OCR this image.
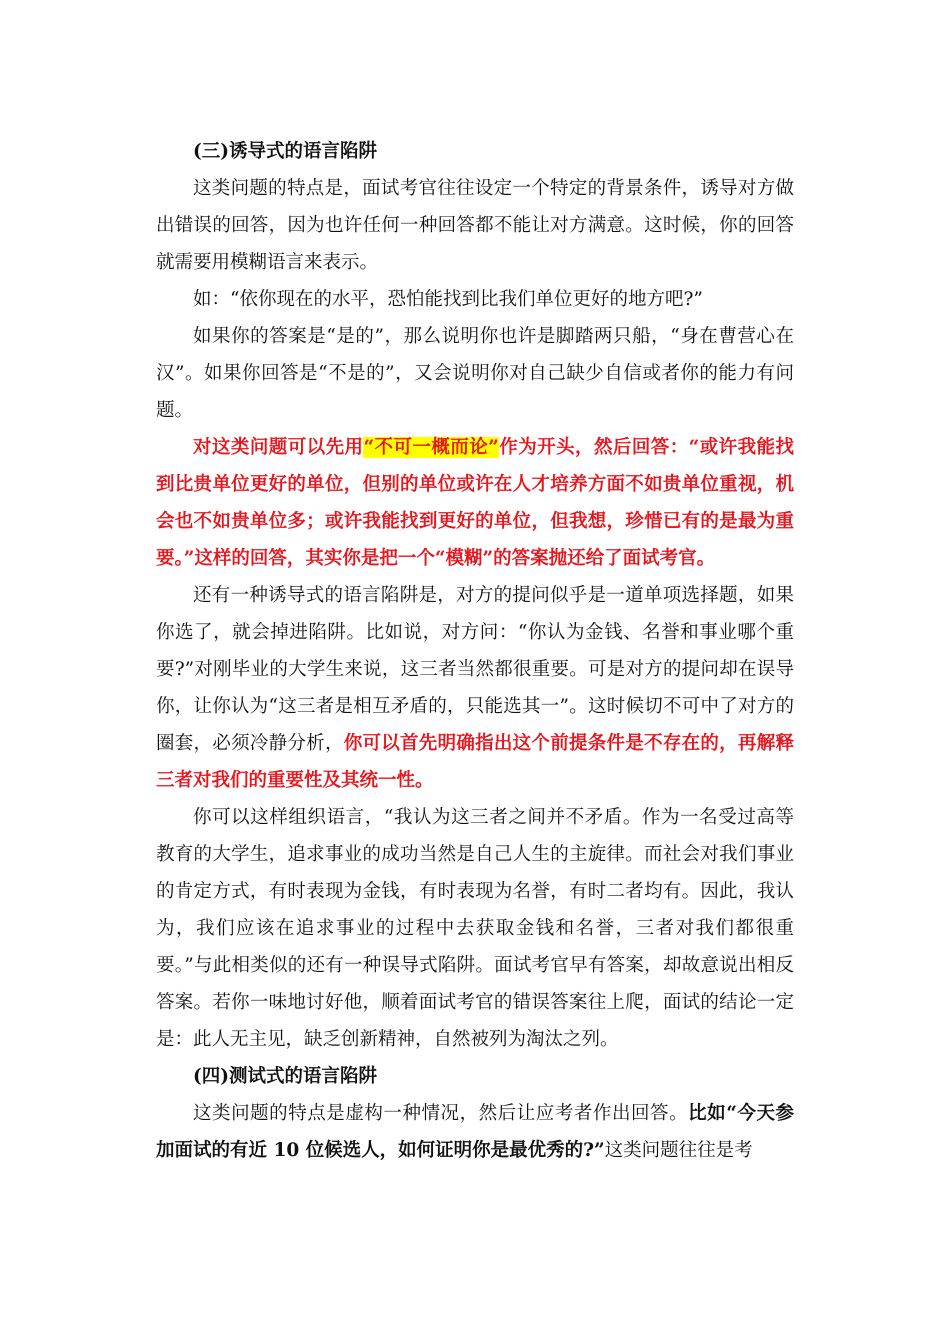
(三)诱导式的语言陷阱

这类问题的特点是，面试考官往往设定一个特定的背景条件，诱导对方做出错误的回答，因为也许任何一种回答都不能让对方满意。这时候，你的回答就需要用模糊语言来表示。

如：“依你现在的水平，恐怕能找到比我们单位更好的地方吧?”

如果你的答案是“是的”，那么说明你也许是脚踏两只船，“身在曹营心在汉”。如果你回答是“不是的”，又会说明你对自己缺少自信或者你的能力有问题。

对这类问题可以先用“不可一概而论”作为开头，然后回答：“或许我能找到比贵单位更好的单位，但别的单位或许在人才培养方面不如贵单位重视，机会也不如贵单位多；或许我能找到更好的单位，但我想，珍惜已有的是最为重要。”这样的回答，其实你是把一个“模糊”的答案抛还给了面试考官。

还有一种诱导式的语言陷阱是，对方的提问似乎是一道单项选择题，如果你选了，就会掉进陷阱。比如说，对方问：“你认为金钱、名誉和事业哪个重要?”对刚毕业的大学生来说，这三者当然都很重要。可是对方的提问却在误导你，让你认为“这三者是相互矛盾的，只能选其一”。这时候切不可中了对方的圈套，必须冷静分析，你可以首先明确指出这个前提条件是不存在的，再解释三者对我们的重要性及其统一性。

你可以这样组织语言，“我认为这三者之间并不矛盾。作为一名受过高等教育的大学生，追求事业的成功当然是自己人生的主旋律。而社会对我们事业的肯定方式，有时表现为金钱，有时表现为名誉，有时二者均有。因此，我认为，我们应该在追求事业的过程中去获取金钱和名誉，三者对我们都很重要。”与此相类似的还有一种误导式陷阱。面试考官早有答案，却故意说出相反答案。若你一味地讨好他，顺着面试考官的错误答案往上爬，面试的结论一定是：此人无主见，缺乏创新精神，自然被列为淘汰之列。

(四)测试式的语言陷阱

这类问题的特点是虚构一种情况，然后让应考者作出回答。比如“今天参加面试的有近 10 位候选人，如何证明你是最优秀的?”这类问题往往是考
